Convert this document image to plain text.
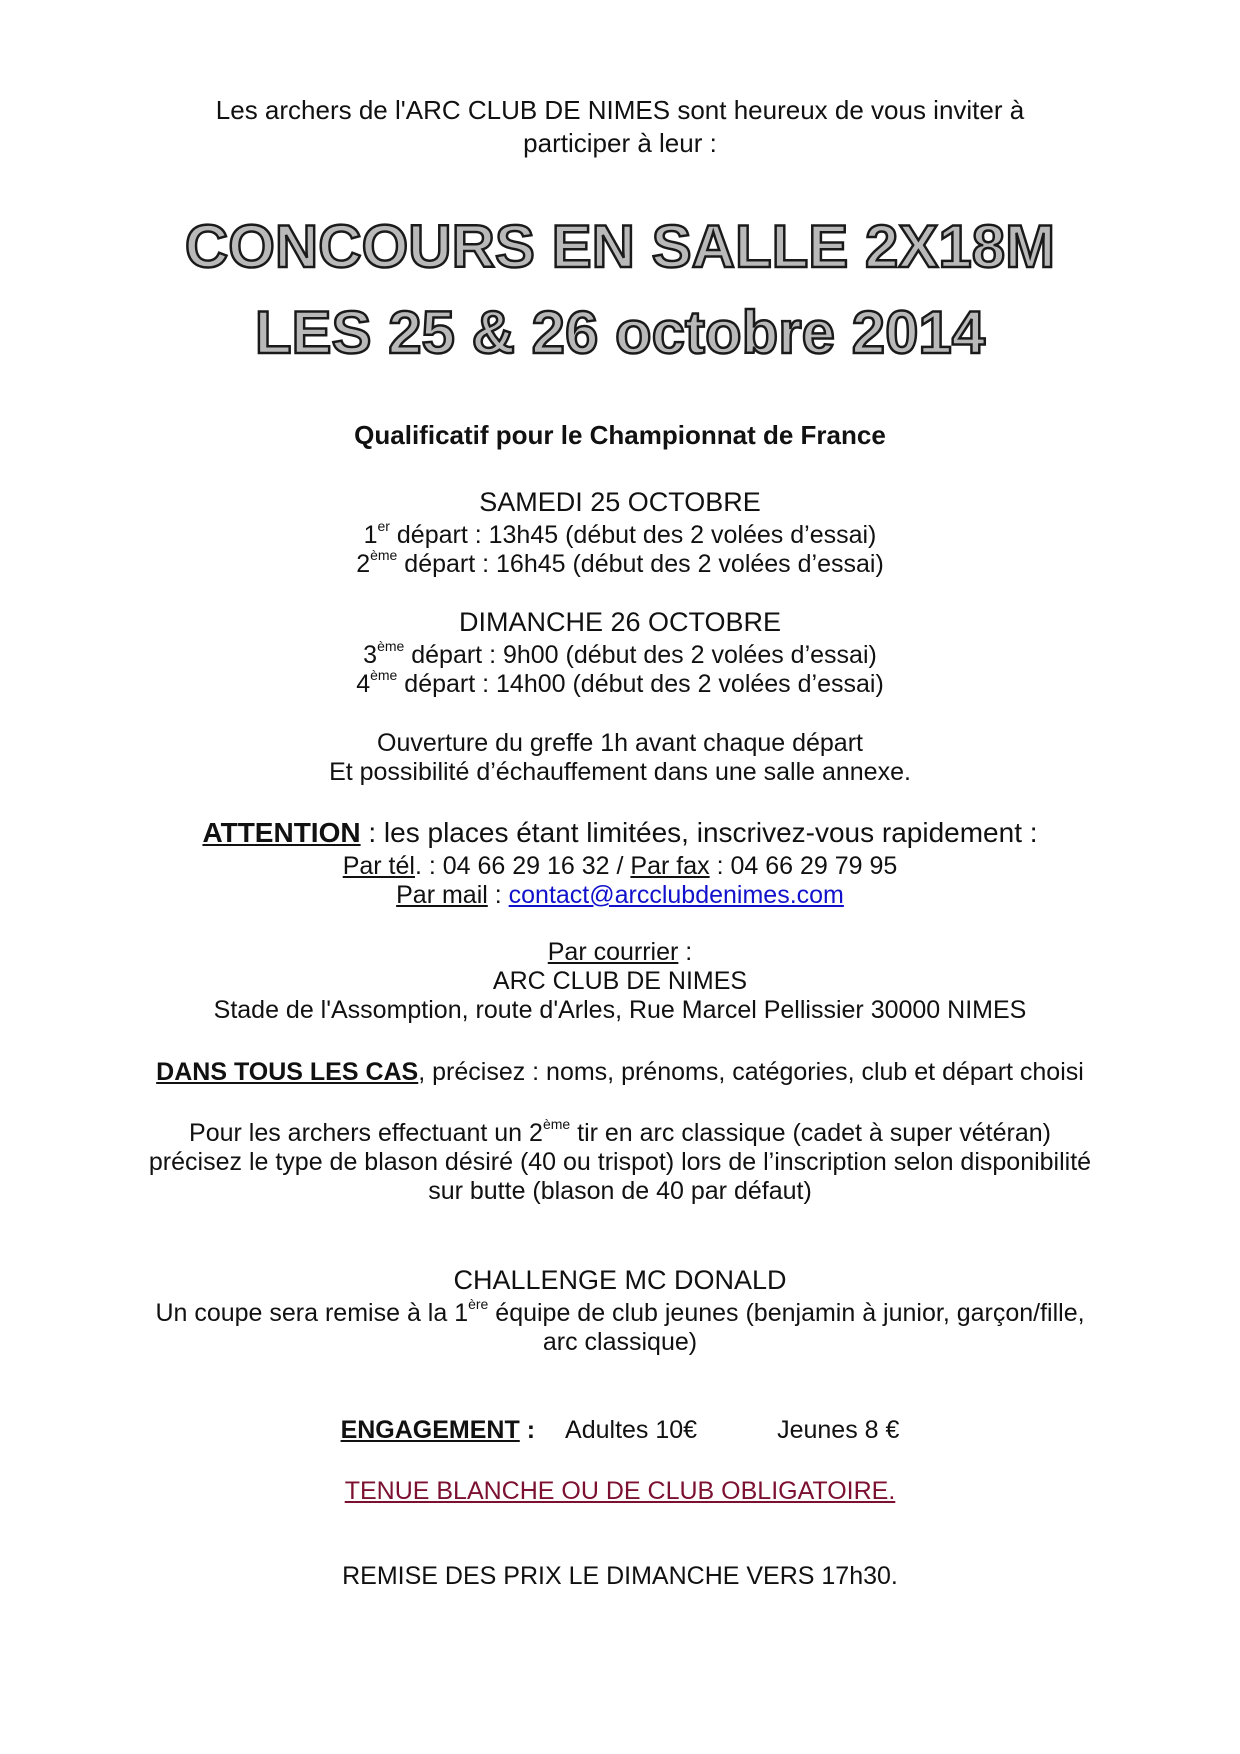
Les archers de l'ARC CLUB DE NIMES sont heureux de vous inviter à
participer à leur :
CONCOURS EN SALLE 2X18M
LES 25 & 26 octobre 2014
Qualificatif pour le Championnat de France
SAMEDI 25 OCTOBRE
1er départ : 13h45 (début des 2 volées d’essai)
2ème départ : 16h45 (début des 2 volées d’essai)
DIMANCHE 26 OCTOBRE
3ème départ : 9h00 (début des 2 volées d’essai)
4ème départ : 14h00 (début des 2 volées d’essai)
Ouverture du greffe 1h avant chaque départ
Et possibilité d’échauffement dans une salle annexe.
ATTENTION : les places étant limitées, inscrivez-vous rapidement :
Par tél. : 04 66 29 16 32 / Par fax : 04 66 29 79 95
Par mail : contact@arcclubdenimes.com
Par courrier :
ARC CLUB DE NIMES
Stade de l'Assomption, route d'Arles, Rue Marcel Pellissier 30000 NIMES
DANS TOUS LES CAS, précisez : noms, prénoms, catégories, club et départ choisi
Pour les archers effectuant un 2ème tir en arc classique (cadet à super vétéran)
précisez le type de blason désiré (40 ou trispot) lors de l’inscription selon disponibilité
sur butte (blason de 40 par défaut)
CHALLENGE MC DONALD
Un coupe sera remise à la 1ère équipe de club jeunes (benjamin à junior, garçon/fille,
arc classique)
ENGAGEMENT : Adultes 10€	Jeunes 8 €
TENUE BLANCHE OU DE CLUB OBLIGATOIRE.
REMISE DES PRIX LE DIMANCHE VERS 17h30.
